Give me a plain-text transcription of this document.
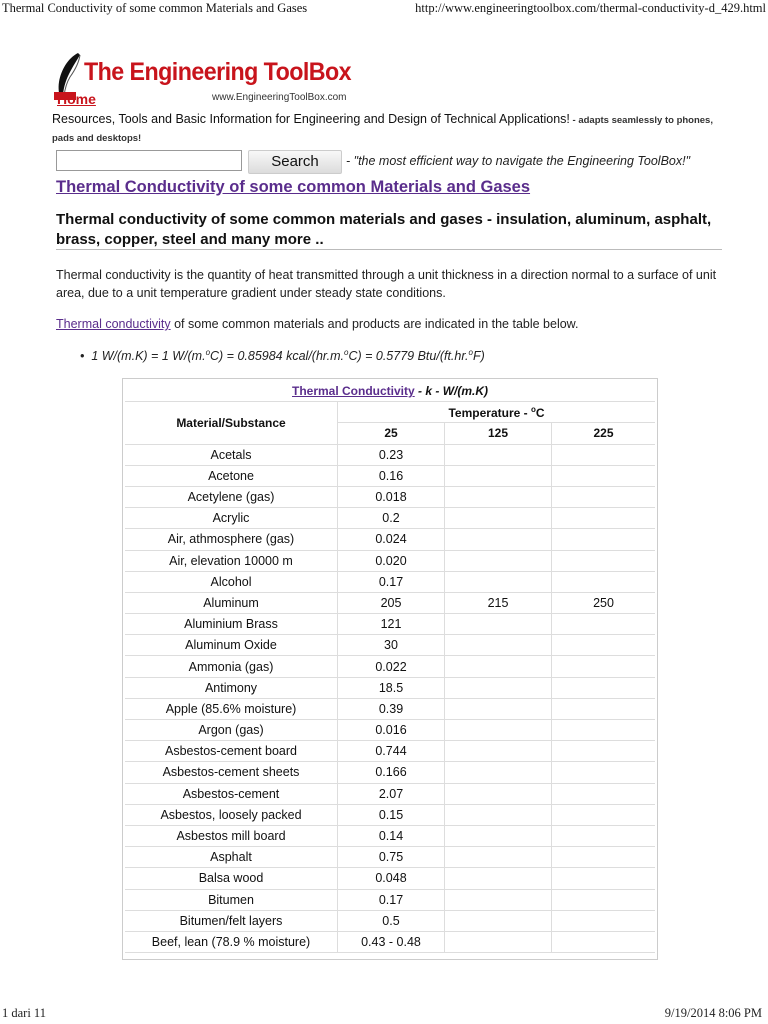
Thermal Conductivity of some common Materials and Gases	http://www.engineeringtoolbox.com/thermal-conductivity-d_429.html
The Engineering ToolBox
Home	www.EngineeringToolBox.com
Resources, Tools and Basic Information for Engineering and Design of Technical Applications! - adapts seamlessly to phones, pads and desktops!
Search	- "the most efficient way to navigate the Engineering ToolBox!"
Thermal Conductivity of some common Materials and Gases
Thermal conductivity of some common materials and gases - insulation, aluminum, asphalt, brass, copper, steel and many more ..
Thermal conductivity is the quantity of heat transmitted through a unit thickness in a direction normal to a surface of unit area, due to a unit temperature gradient under steady state conditions.
Thermal conductivity of some common materials and products are indicated in the table below.
•  1 W/(m.K) = 1 W/(m.$^o$C) = 0.85984 kcal/(hr.m.$^o$C) = 0.5779 Btu/(ft.hr.$^o$F)
Thermal Conductivity - k - W/(m.K)			
Material/Substance	Temperature - $^o$C		
	25	125	225
Acetals	0.23		
Acetone	0.16		
Acetylene (gas)	0.018		
Acrylic	0.2		
Air, athmosphere (gas)	0.024		
Air, elevation 10000 m	0.020		
Alcohol	0.17		
Aluminum	205	215	250
Aluminium Brass	121		
Aluminum Oxide	30		
Ammonia (gas)	0.022		
Antimony	18.5		
Apple (85.6% moisture)	0.39		
Argon (gas)	0.016		
Asbestos-cement board	0.744		
Asbestos-cement sheets	0.166		
Asbestos-cement	2.07		
Asbestos, loosely packed	0.15		
Asbestos mill board	0.14		
Asphalt	0.75		
Balsa wood	0.048		
Bitumen	0.17		
Bitumen/felt layers	0.5		
Beef, lean (78.9 % moisture)	0.43 - 0.48		
1 dari 11	9/19/2014 8:06 PM
